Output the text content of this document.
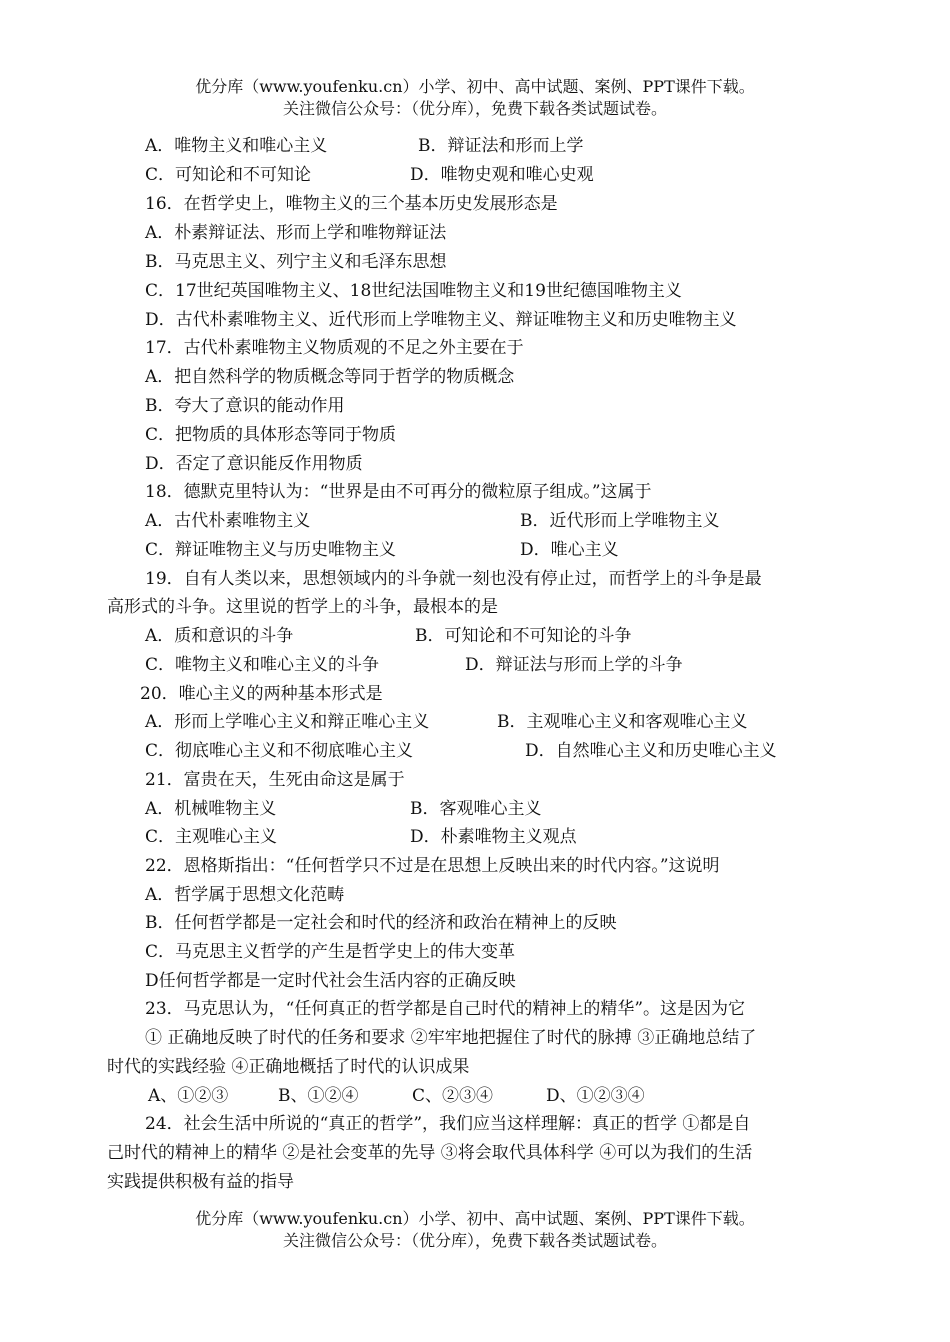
优分库（www.youfenku.cn）小学、初中、高中试题、案例、PPT课件下载。
关注微信公众号：（优分库），免费下载各类试题试卷。
A．唯物主义和唯心主义	B．辩证法和形而上学
C．可知论和不可知论	D．唯物史观和唯心史观
16．在哲学史上，唯物主义的三个基本历史发展形态是
A．朴素辩证法、形而上学和唯物辩证法
B．马克思主义、列宁主义和毛泽东思想
C．17世纪英国唯物主义、18世纪法国唯物主义和19世纪德国唯物主义
D．古代朴素唯物主义、近代形而上学唯物主义、辩证唯物主义和历史唯物主义
17．古代朴素唯物主义物质观的不足之外主要在于
A．把自然科学的物质概念等同于哲学的物质概念
B．夸大了意识的能动作用
C．把物质的具体形态等同于物质
D．否定了意识能反作用物质
18．德默克里特认为：“世界是由不可再分的微粒原子组成。”这属于
A．古代朴素唯物主义	B．近代形而上学唯物主义
C．辩证唯物主义与历史唯物主义	D．唯心主义
19．自有人类以来，思想领域内的斗争就一刻也没有停止过，而哲学上的斗争是最
高形式的斗争。这里说的哲学上的斗争，最根本的是
A．质和意识的斗争	B．可知论和不可知论的斗争
C．唯物主义和唯心主义的斗争	D．辩证法与形而上学的斗争
20．唯心主义的两种基本形式是
A．形而上学唯心主义和辩正唯心主义	B．主观唯心主义和客观唯心主义
C．彻底唯心主义和不彻底唯心主义	D．自然唯心主义和历史唯心主义
21．富贵在天，生死由命这是属于
A．机械唯物主义	B．客观唯心主义
C．主观唯心主义	D．朴素唯物主义观点
22．恩格斯指出：“任何哲学只不过是在思想上反映出来的时代内容。”这说明
A．哲学属于思想文化范畴
B．任何哲学都是一定社会和时代的经济和政治在精神上的反映
C．马克思主义哲学的产生是哲学史上的伟大变革
D任何哲学都是一定时代社会生活内容的正确反映
23．马克思认为，“任何真正的哲学都是自己时代的精神上的精华”。这是因为它
① 正确地反映了时代的任务和要求 ②牢牢地把握住了时代的脉搏 ③正确地总结了
时代的实践经验 ④正确地概括了时代的认识成果
A、①②③	B、①②④	C、②③④	D、①②③④
24．社会生活中所说的“真正的哲学”，我们应当这样理解：真正的哲学 ①都是自
己时代的精神上的精华 ②是社会变革的先导 ③将会取代具体科学 ④可以为我们的生活
实践提供积极有益的指导
优分库（www.youfenku.cn）小学、初中、高中试题、案例、PPT课件下载。
关注微信公众号：（优分库），免费下载各类试题试卷。
